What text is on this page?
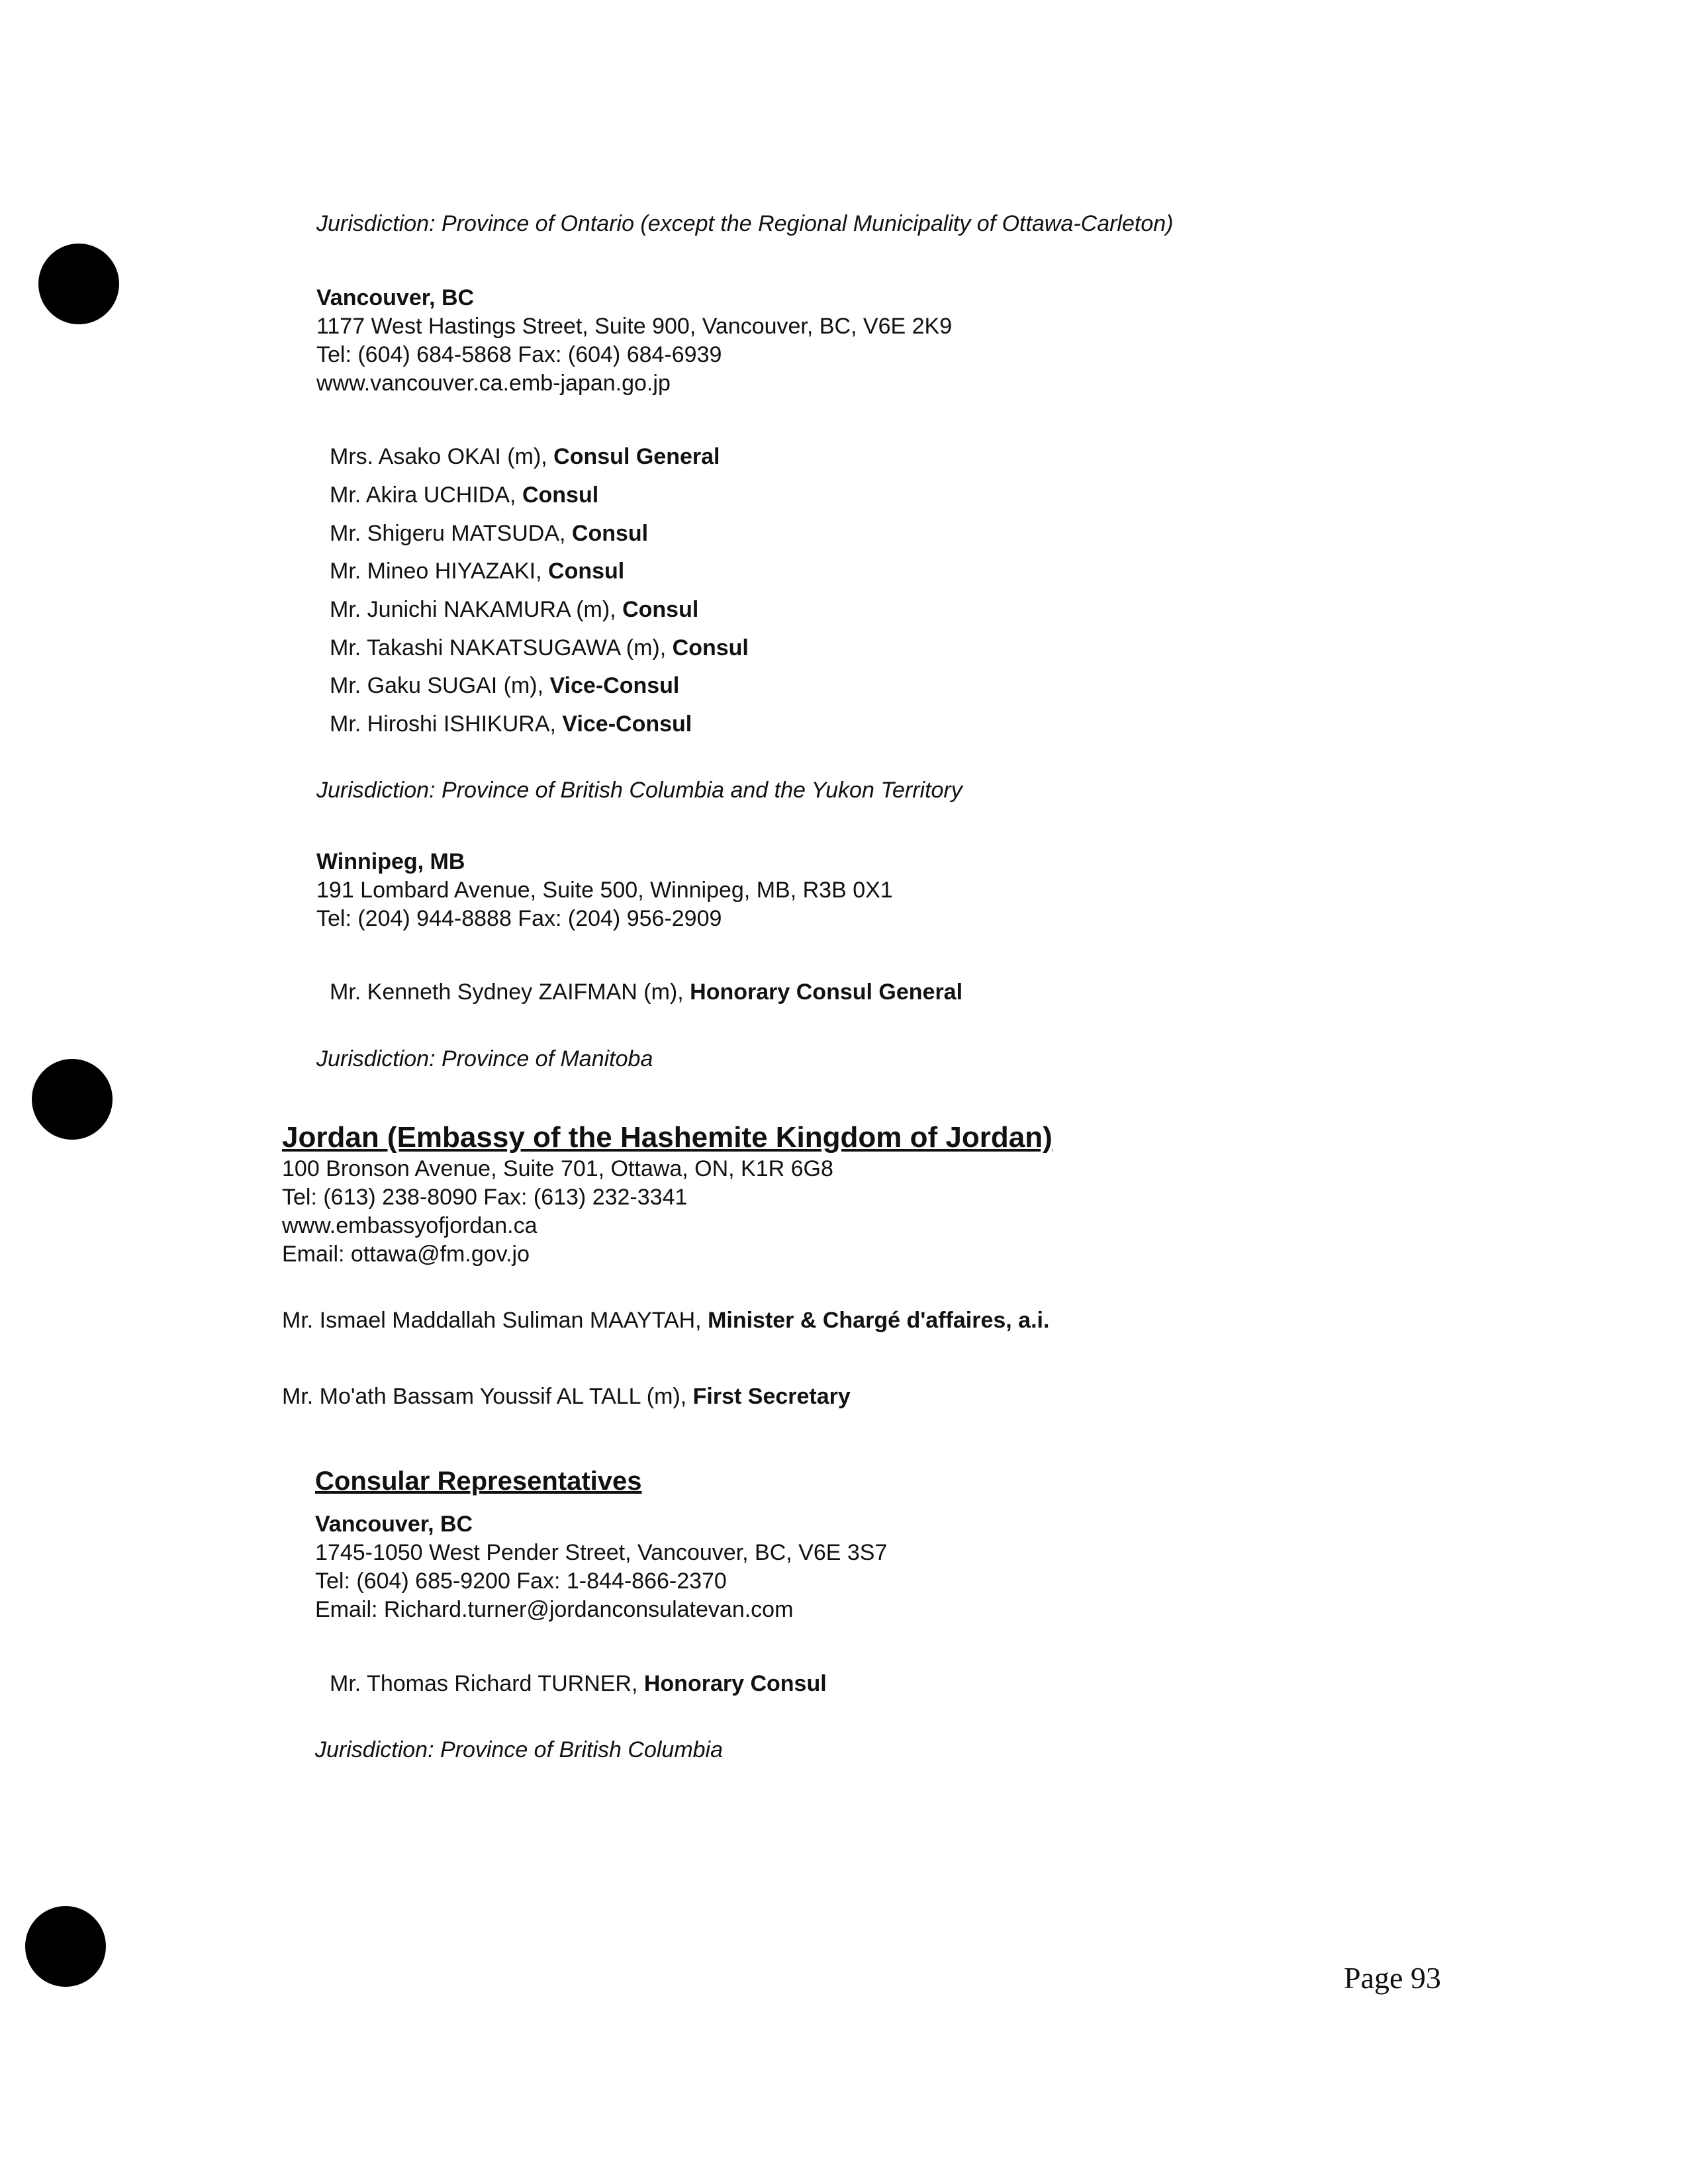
Jurisdiction: Province of Ontario (except the Regional Municipality of Ottawa-Carleton)
Vancouver, BC
1177 West Hastings Street, Suite 900, Vancouver, BC, V6E 2K9
Tel: (604) 684-5868 Fax: (604) 684-6939
www.vancouver.ca.emb-japan.go.jp
Mrs. Asako OKAI (m), Consul General
Mr. Akira UCHIDA, Consul
Mr. Shigeru MATSUDA, Consul
Mr. Mineo HIYAZAKI, Consul
Mr. Junichi NAKAMURA (m), Consul
Mr. Takashi NAKATSUGAWA (m), Consul
Mr. Gaku SUGAI (m), Vice-Consul
Mr. Hiroshi ISHIKURA, Vice-Consul
Jurisdiction: Province of British Columbia and the Yukon Territory
Winnipeg, MB
191 Lombard Avenue, Suite 500, Winnipeg, MB, R3B 0X1
Tel: (204) 944-8888 Fax: (204) 956-2909
Mr. Kenneth Sydney ZAIFMAN (m), Honorary Consul General
Jurisdiction: Province of Manitoba
Jordan (Embassy of the Hashemite Kingdom of Jordan)
100 Bronson Avenue, Suite 701, Ottawa, ON, K1R 6G8
Tel: (613) 238-8090 Fax: (613) 232-3341
www.embassyofjordan.ca
Email: ottawa@fm.gov.jo
Mr. Ismael Maddallah Suliman MAAYTAH, Minister & Chargé d'affaires, a.i.
Mr. Mo'ath Bassam Youssif AL TALL (m), First Secretary
Consular Representatives
Vancouver, BC
1745-1050 West Pender Street, Vancouver, BC, V6E 3S7
Tel: (604) 685-9200 Fax: 1-844-866-2370
Email: Richard.turner@jordanconsulatevan.com
Mr. Thomas Richard TURNER, Honorary Consul
Jurisdiction: Province of British Columbia
Page 93
